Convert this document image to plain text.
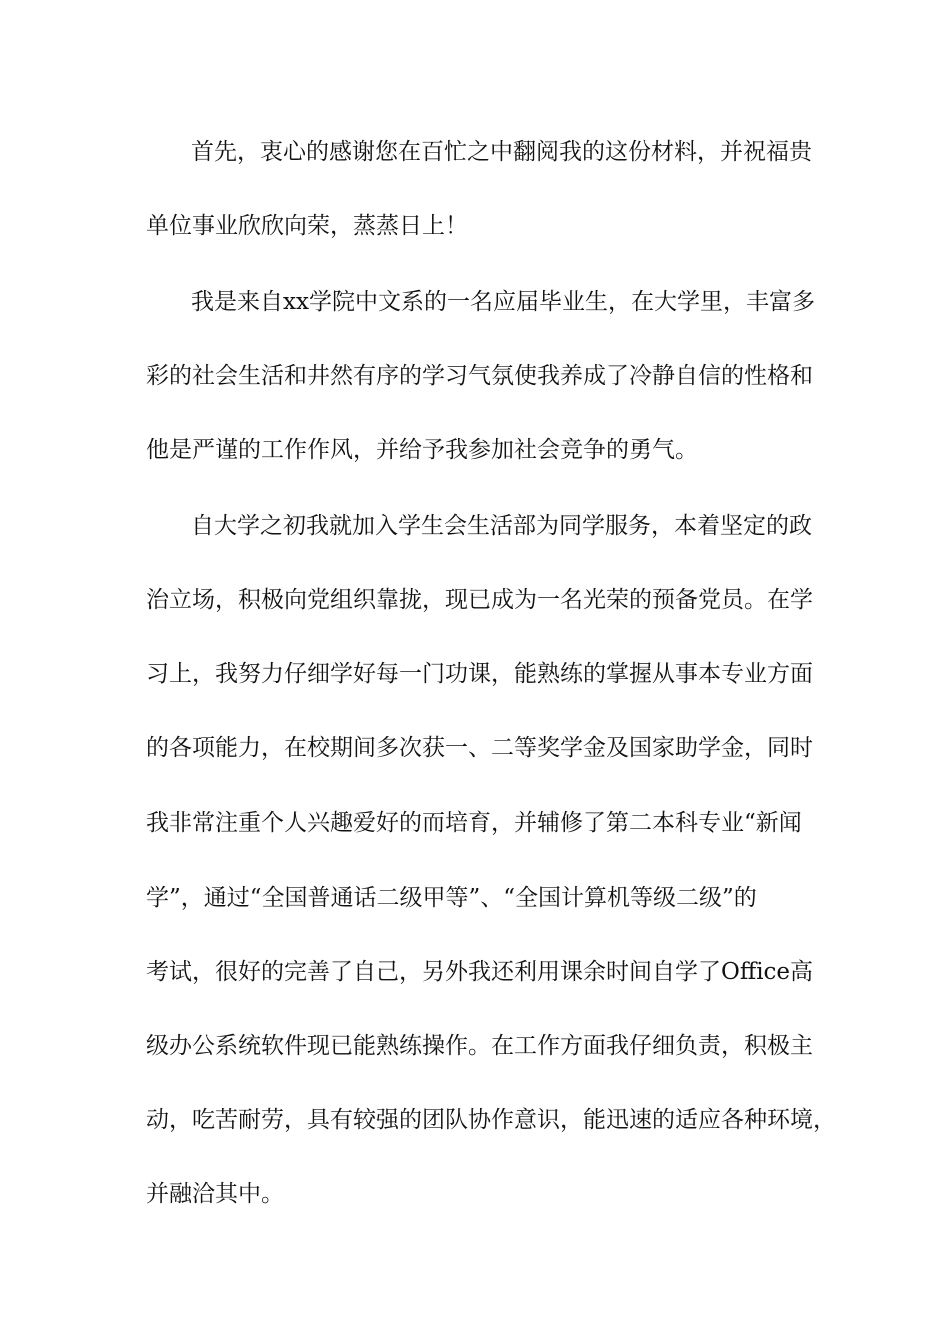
首先，衷心的感谢您在百忙之中翻阅我的这份材料，并祝福贵

单位事业欣欣向荣，蒸蒸日上！

我是来自xx学院中文系的一名应届毕业生，在大学里，丰富多

彩的社会生活和井然有序的学习气氛使我养成了冷静自信的性格和

他是严谨的工作作风，并给予我参加社会竞争的勇气。

自大学之初我就加入学生会生活部为同学服务，本着坚定的政

治立场，积极向党组织靠拢，现已成为一名光荣的预备党员。在学

习上，我努力仔细学好每一门功课，能熟练的掌握从事本专业方面

的各项能力，在校期间多次获一、二等奖学金及国家助学金，同时

我非常注重个人兴趣爱好的而培育，并辅修了第二本科专业“新闻

学”，通过“全国普通话二级甲等”、“全国计算机等级二级”的

考试，很好的完善了自己，另外我还利用课余时间自学了Office高

级办公系统软件现已能熟练操作。在工作方面我仔细负责，积极主

动，吃苦耐劳，具有较强的团队协作意识，能迅速的适应各种环境，

并融洽其中。
